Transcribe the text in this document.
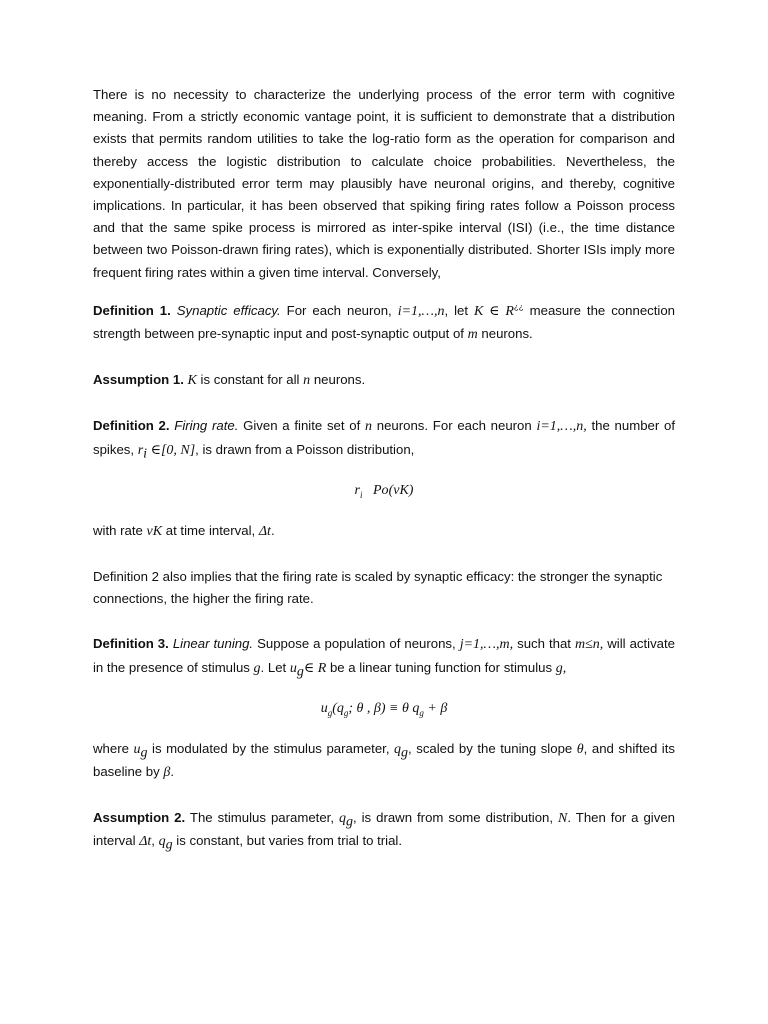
There is no necessity to characterize the underlying process of the error term with cognitive meaning. From a strictly economic vantage point, it is sufficient to demonstrate that a distribution exists that permits random utilities to take the log-ratio form as the operation for comparison and thereby access the logistic distribution to calculate choice probabilities. Nevertheless, the exponentially-distributed error term may plausibly have neuronal origins, and thereby, cognitive implications. In particular, it has been observed that spiking firing rates follow a Poisson process and that the same spike process is mirrored as inter-spike interval (ISI) (i.e., the time distance between two Poisson-drawn firing rates), which is exponentially distributed. Shorter ISIs imply more frequent firing rates within a given time interval. Conversely,

Definition 1. Synaptic efficacy. For each neuron, i=1,…,n, let K ∈ R¿¿ measure the connection strength between pre-synaptic input and post-synaptic output of m neurons.

Assumption 1. K is constant for all n neurons.

Definition 2. Firing rate. Given a finite set of n neurons. For each neuron i=1,…,n, the number of spikes, $r_i$ ∈[0, N], is drawn from a Poisson distribution,

$r_i$ Po(vK)

with rate vK at time interval, Δt.

Definition 2 also implies that the firing rate is scaled by synaptic efficacy: the stronger the synaptic connections, the higher the firing rate.

Definition 3. Linear tuning. Suppose a population of neurons, j=1,…,m, such that m≤n, will activate in the presence of stimulus g. Let $u_g\in$ R be a linear tuning function for stimulus g,

$u_g(q_g$; θ , β) ≡ θ $q_g + \beta$

where $u_g$ is modulated by the stimulus parameter, $q_g$, scaled by the tuning slope θ, and shifted its baseline by β.

Assumption 2. The stimulus parameter, $q_g$, is drawn from some distribution, N. Then for a given interval Δt, $q_g$ is constant, but varies from trial to trial.
